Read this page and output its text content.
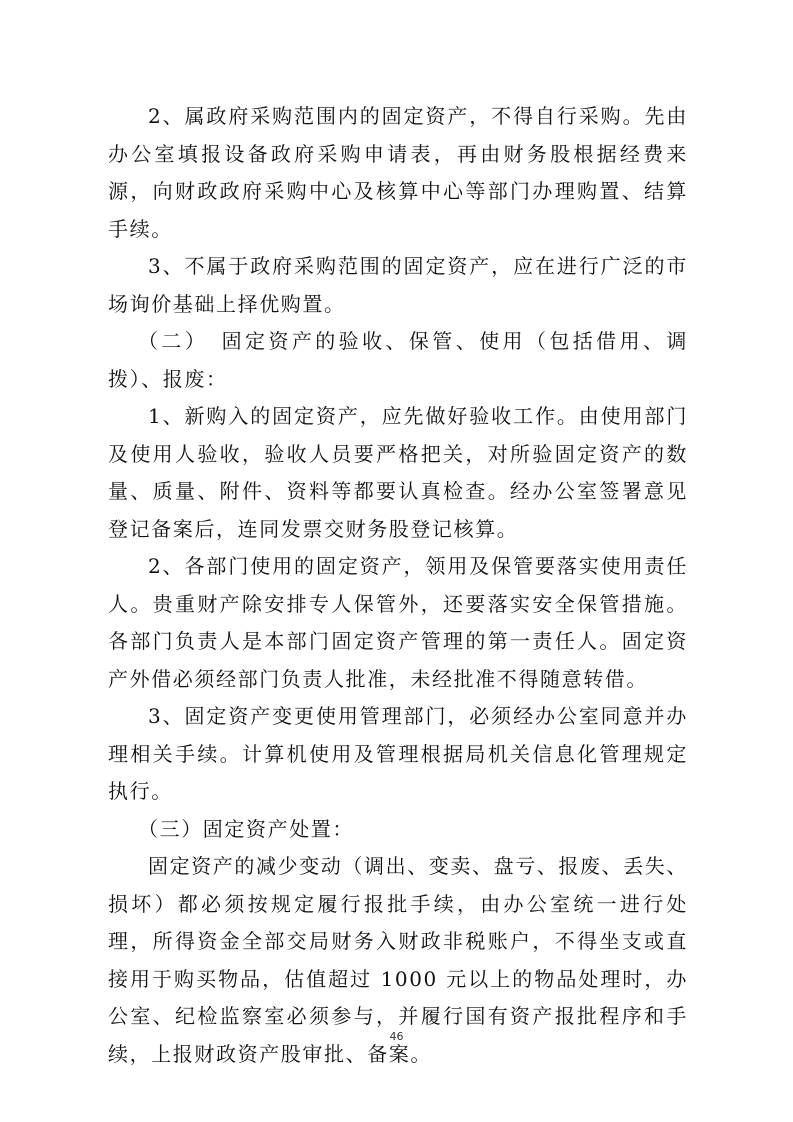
2、属政府采购范围内的固定资产，不得自行采购。先由办公室填报设备政府采购申请表，再由财务股根据经费来源，向财政政府采购中心及核算中心等部门办理购置、结算手续。

3、不属于政府采购范围的固定资产，应在进行广泛的市场询价基础上择优购置。

（二）　固定资产的验收、保管、使用（包括借用、调拨）、报废：

1、新购入的固定资产，应先做好验收工作。由使用部门及使用人验收，验收人员要严格把关，对所验固定资产的数量、质量、附件、资料等都要认真检查。经办公室签署意见登记备案后，连同发票交财务股登记核算。

2、各部门使用的固定资产，领用及保管要落实使用责任人。贵重财产除安排专人保管外，还要落实安全保管措施。各部门负责人是本部门固定资产管理的第一责任人。固定资产外借必须经部门负责人批准，未经批准不得随意转借。

3、固定资产变更使用管理部门，必须经办公室同意并办理相关手续。计算机使用及管理根据局机关信息化管理规定执行。

（三）固定资产处置：

固定资产的减少变动（调出、变卖、盘亏、报废、丢失、损坏）都必须按规定履行报批手续，由办公室统一进行处理，所得资金全部交局财务入财政非税账户，不得坐支或直接用于购买物品，估值超过 1000 元以上的物品处理时，办公室、纪检监察室必须参与，并履行国有资产报批程序和手续，上报财政资产股审批、备案。

46
